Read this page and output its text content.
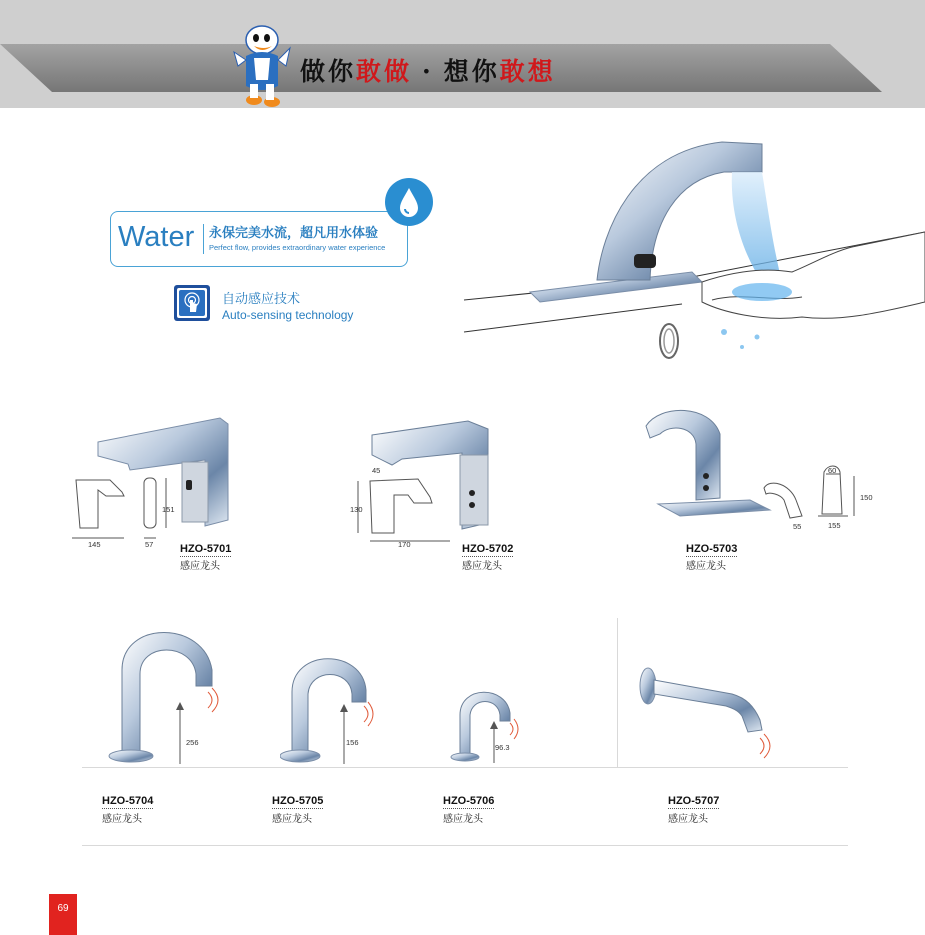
做你敢做 · 想你敢想
Water 永保完美水流，超凡用水体验
Perfect flow, provides extraordinary water experience
自动感应技术
Auto-sensing technology
145	57
151
HZO-5701
感应龙头
130
170
45
HZO-5702
感应龙头
60
150
55	155
HZO-5703
感应龙头
256	156
96.3
HZO-5704
感应龙头
HZO-5705
感应龙头
HZO-5706
感应龙头
HZO-5707
感应龙头
69
